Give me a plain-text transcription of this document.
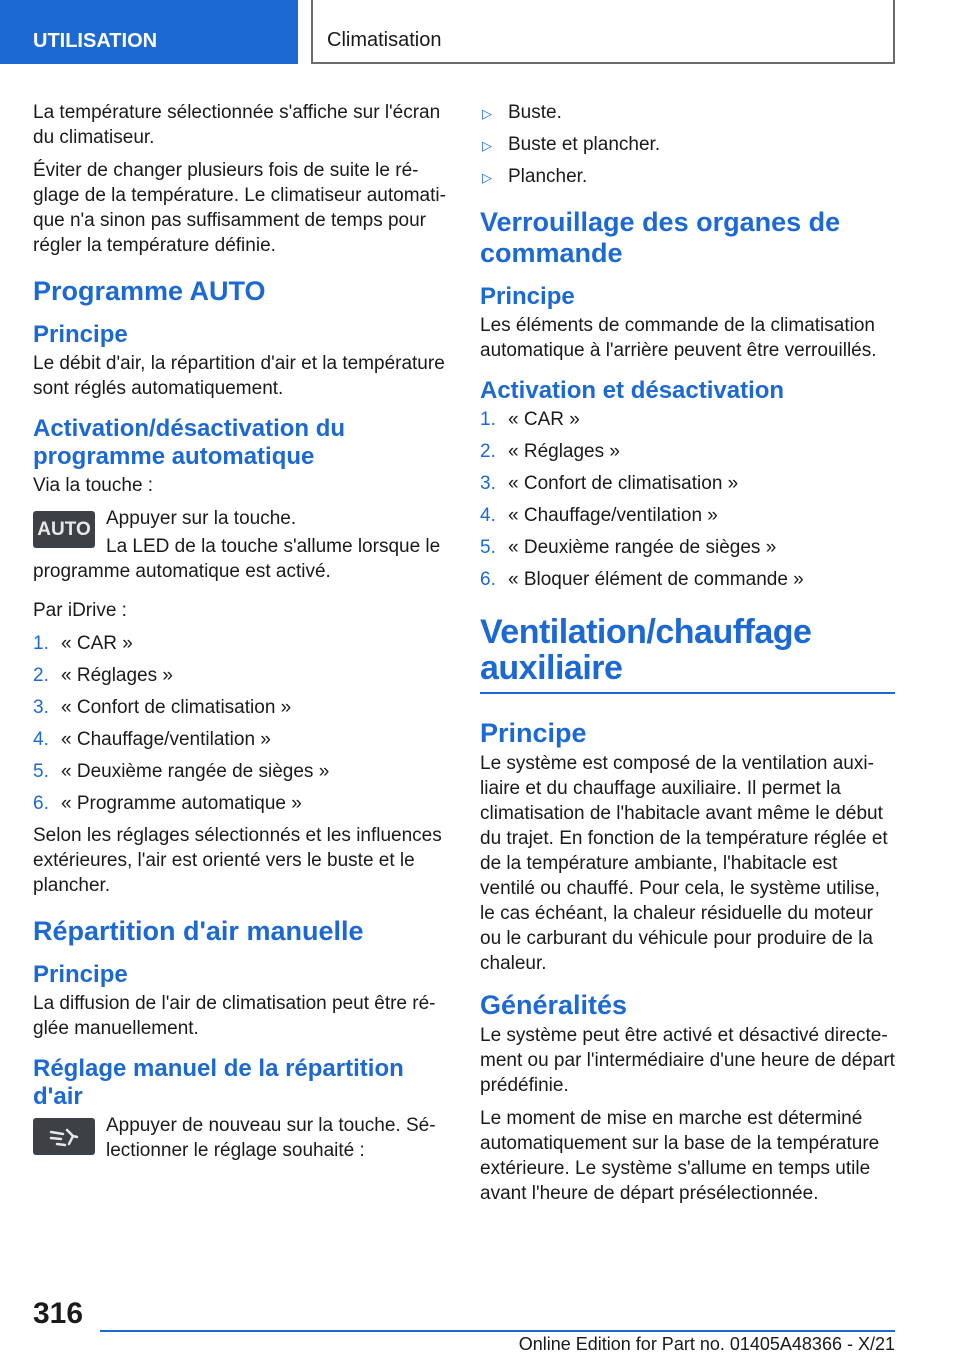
UTILISATION	Climatisation

La température sélectionnée s'affiche sur l'écran du climatiseur.

Éviter de changer plusieurs fois de suite le réglage de la température. Le climatiseur automatique n'a sinon pas suffisamment de temps pour régler la température définie.

Programme AUTO
Principe

Le débit d'air, la répartition d'air et la température sont réglés automatiquement.

Activation/désactivation du programme automatique

Via la touche :

AUTO

Appuyer sur la touche.

La LED de la touche s'allume lorsque le programme automatique est activé.

Par iDrive :

1. « CAR »
2. « Réglages »
3. « Confort de climatisation »
4. « Chauffage/ventilation »
5. « Deuxième rangée de sièges »
6. « Programme automatique »

Selon les réglages sélectionnés et les influences extérieures, l'air est orienté vers le buste et le plancher.

Répartition d'air manuelle
Principe

La diffusion de l'air de climatisation peut être réglée manuellement.

Réglage manuel de la répartition d'air

Appuyer de nouveau sur la touche. Sélectionner le réglage souhaité :

▷ Buste.
▷ Buste et plancher.
▷ Plancher.
Verrouillage des organes de commande
Principe

Les éléments de commande de la climatisation automatique à l'arrière peuvent être verrouillés.

Activation et désactivation
1. « CAR »
2. « Réglages »
3. « Confort de climatisation »
4. « Chauffage/ventilation »
5. « Deuxième rangée de sièges »
6. « Bloquer élément de commande »
Ventilation/chauffage auxiliaire
Principe

Le système est composé de la ventilation auxiliaire et du chauffage auxiliaire. Il permet la climatisation de l'habitacle avant même le début du trajet. En fonction de la température réglée et de la température ambiante, l'habitacle est ventilé ou chauffé. Pour cela, le système utilise, le cas échéant, la chaleur résiduelle du moteur ou le carburant du véhicule pour produire de la chaleur.

Généralités

Le système peut être activé et désactivé directement ou par l'intermédiaire d'une heure de départ prédéfinie.

Le moment de mise en marche est déterminé automatiquement sur la base de la température extérieure. Le système s'allume en temps utile avant l'heure de départ présélectionnée.

316
Online Edition for Part no. 01405A48366 - X/21
